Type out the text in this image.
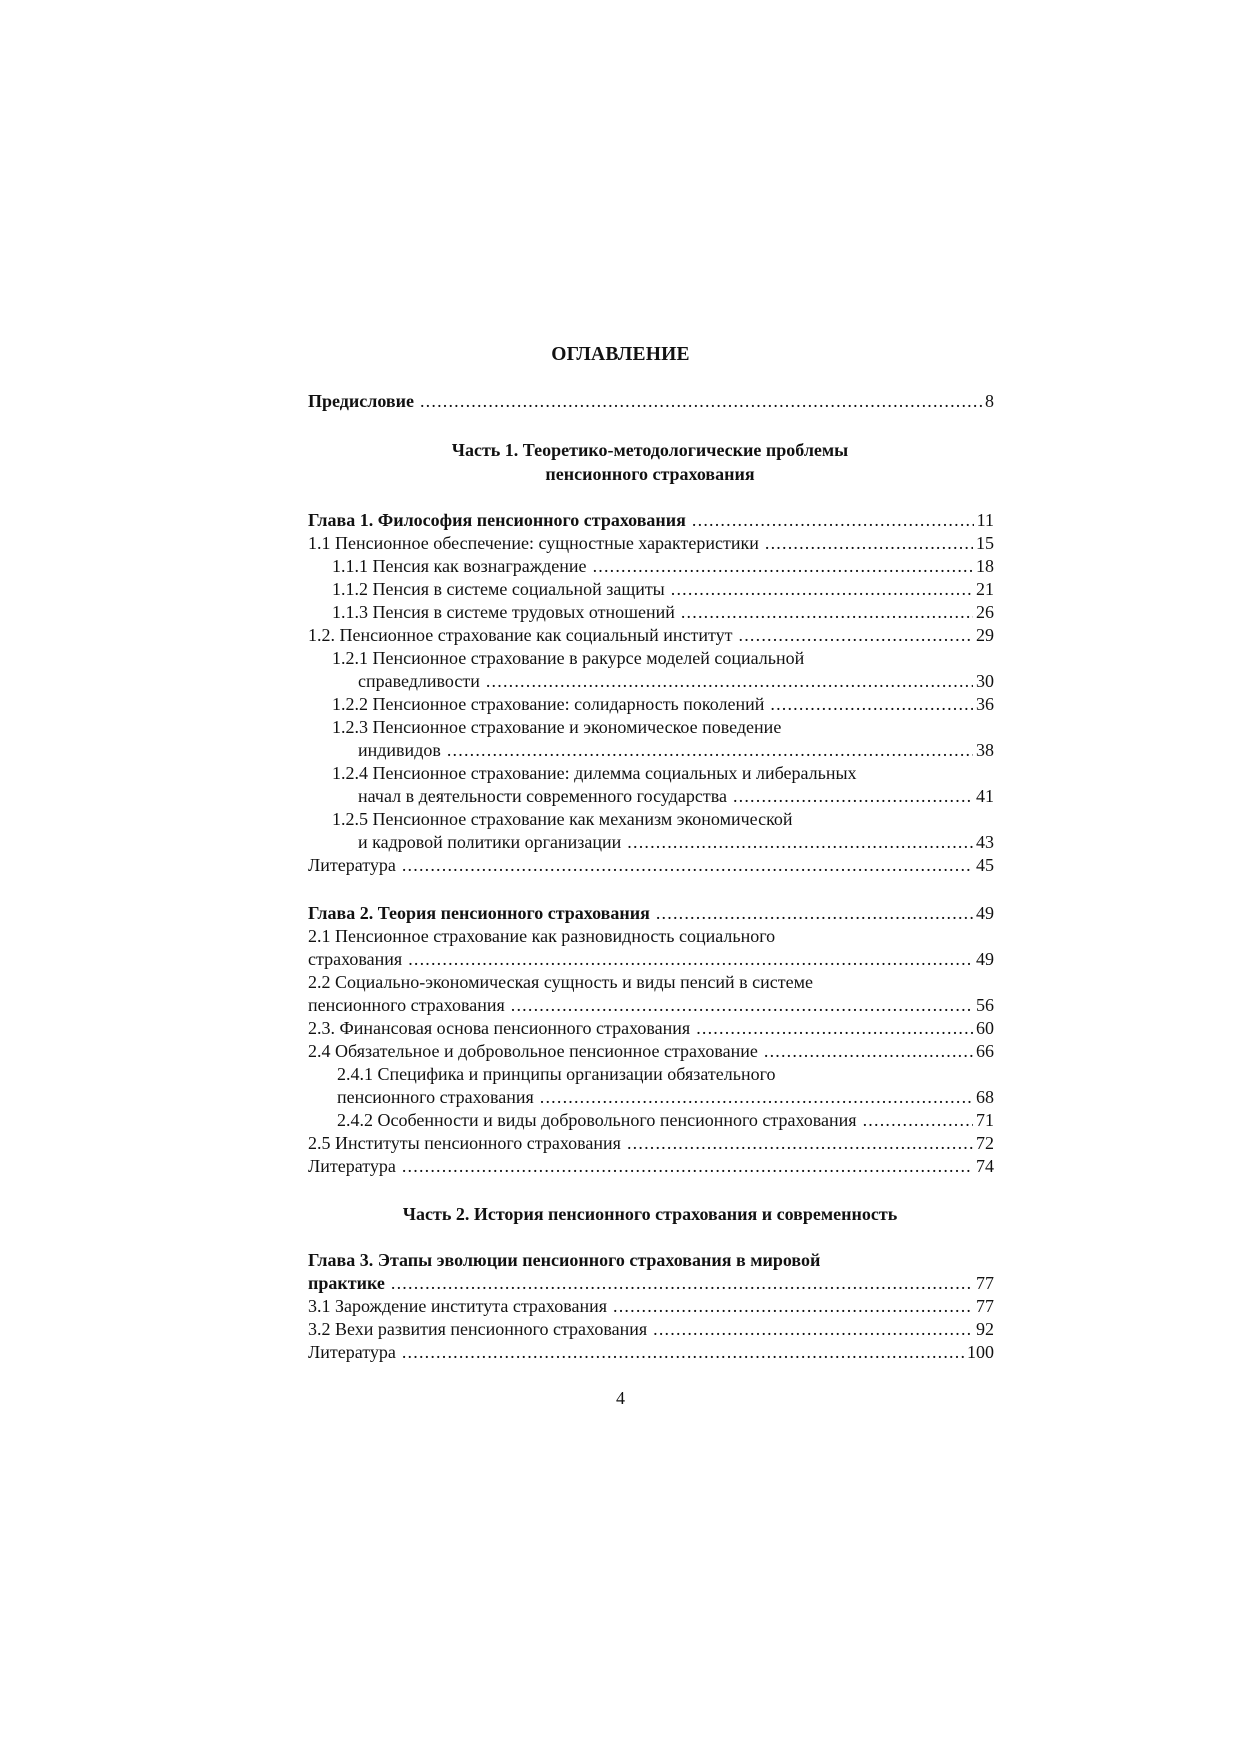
ОГЛАВЛЕНИЕ
Предисловие .....	8
Глава 1. Философия пенсионного страхования .....	11
1.1 Пенсионное обеспечение: сущностные характеристики .....	15
1.1.1 Пенсия как вознаграждение .....	18
1.1.2 Пенсия в системе социальной защиты .....	21
1.1.3 Пенсия в системе трудовых отношений .....	26
1.2. Пенсионное страхование как социальный институт .....	29
1.2.1 Пенсионное страхование в ракурсе моделей социальной
справедливости .....	30
1.2.2 Пенсионное страхование: солидарность поколений .....	36
1.2.3 Пенсионное страхование и экономическое поведение
индивидов .....	38
1.2.4 Пенсионное страхование: дилемма социальных и либеральных
начал в деятельности современного государства .....	41
1.2.5 Пенсионное страхование как механизм экономической
и кадровой политики организации .....	43
Литература .....	45
Глава 2. Теория пенсионного страхования .....	49
2.1 Пенсионное страхование как разновидность социального
страхования .....	49
2.2 Социально-экономическая сущность и виды пенсий в системе
пенсионного страхования .....	56
2.3. Финансовая основа пенсионного страхования .....	60
2.4 Обязательное и добровольное пенсионное страхование .....	66
2.4.1 Специфика и принципы организации обязательного
пенсионного страхования .....	68
2.4.2 Особенности и виды добровольного пенсионного страхования .....	71
2.5 Институты пенсионного страхования .....	72
Литература .....	74
Глава 3. Этапы эволюции пенсионного страхования в мировой
практике .....	77
3.1 Зарождение института страхования .....	77
3.2 Вехи развития пенсионного страхования .....	92
Литература .....	100
Часть 1. Теоретико-методологические проблемы
пенсионного страхования
Часть 2. История пенсионного страхования и современность
4
